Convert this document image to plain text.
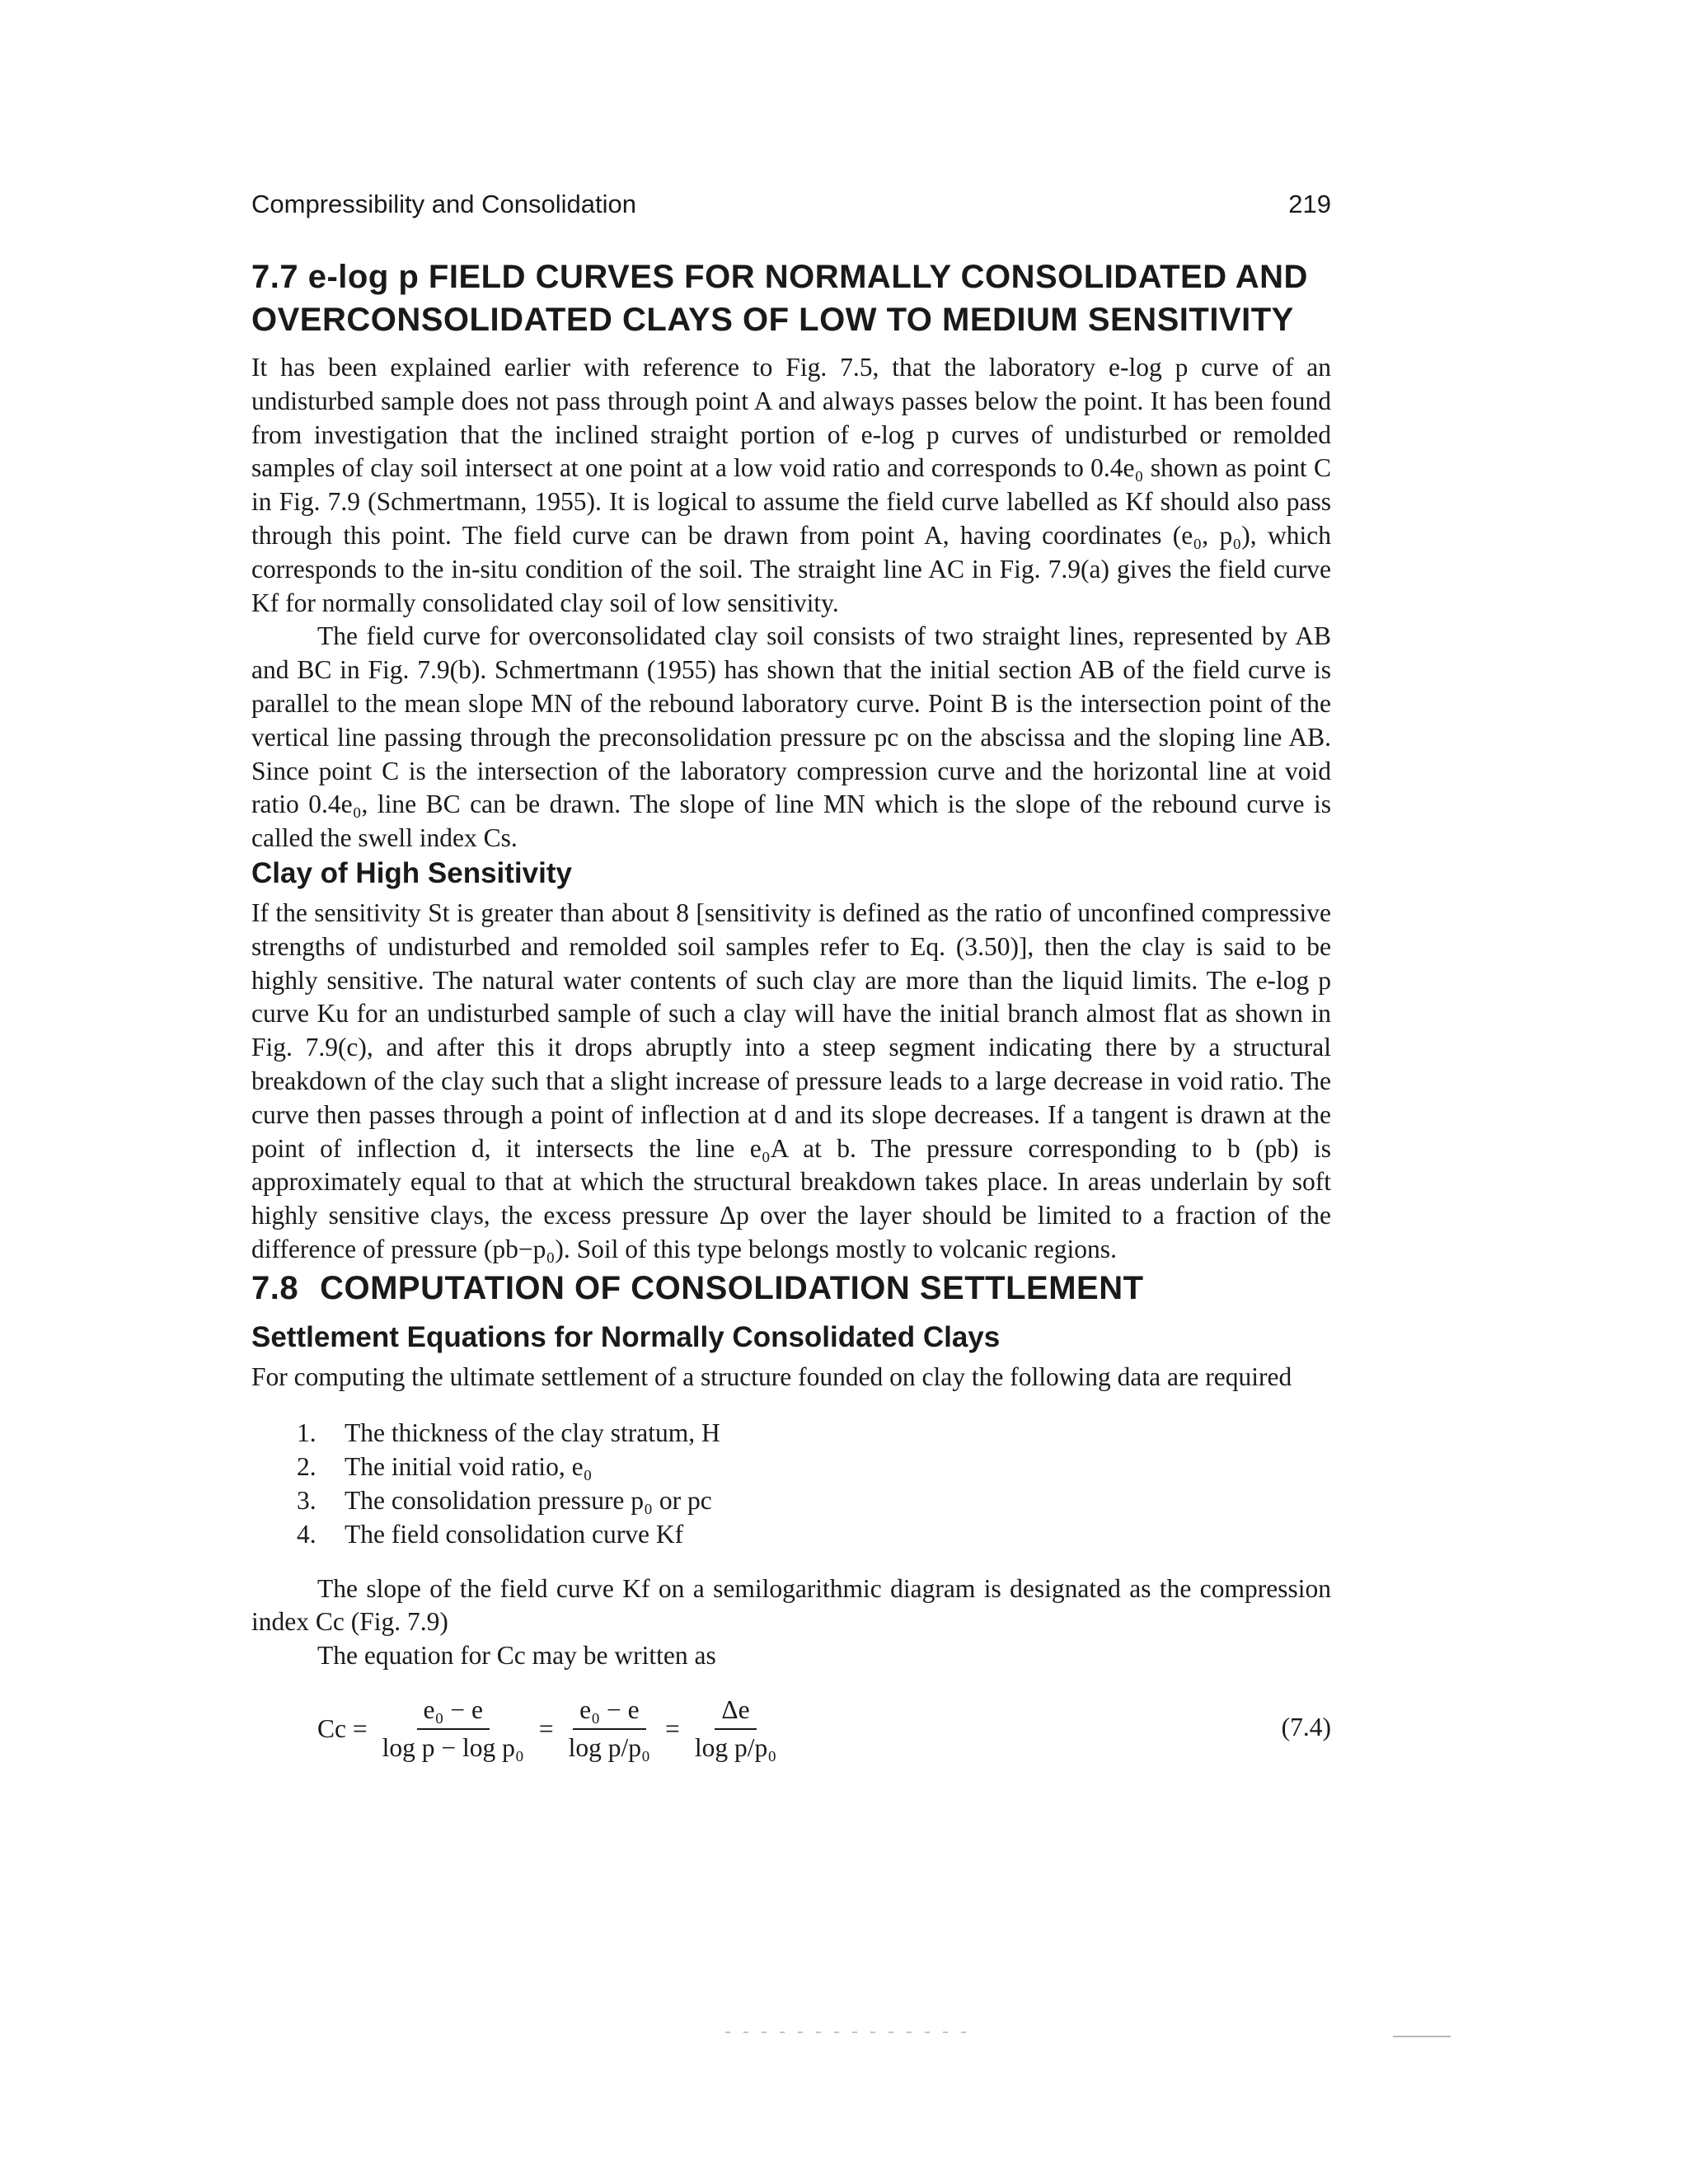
Compressibility and Consolidation	219
7.7 e-log p FIELD CURVES FOR NORMALLY CONSOLIDATED AND
OVERCONSOLIDATED CLAYS OF LOW TO MEDIUM SENSITIVITY

It has been explained earlier with reference to Fig. 7.5, that the laboratory e-log p curve of an undisturbed sample does not pass through point A and always passes below the point. It has been found from investigation that the inclined straight portion of e-log p curves of undisturbed or remolded samples of clay soil intersect at one point at a low void ratio and corresponds to 0.4e₀ shown as point C in Fig. 7.9 (Schmertmann, 1955). It is logical to assume the field curve labelled as Kf should also pass through this point. The field curve can be drawn from point A, having coordinates (e₀, p₀), which corresponds to the in-situ condition of the soil. The straight line AC in Fig. 7.9(a) gives the field curve Kf for normally consolidated clay soil of low sensitivity.

The field curve for overconsolidated clay soil consists of two straight lines, represented by AB and BC in Fig. 7.9(b). Schmertmann (1955) has shown that the initial section AB of the field curve is parallel to the mean slope MN of the rebound laboratory curve. Point B is the intersection point of the vertical line passing through the preconsolidation pressure pc on the abscissa and the sloping line AB. Since point C is the intersection of the laboratory compression curve and the horizontal line at void ratio 0.4e₀, line BC can be drawn. The slope of line MN which is the slope of the rebound curve is called the swell index Cs.

Clay of High Sensitivity

If the sensitivity St is greater than about 8 [sensitivity is defined as the ratio of unconfined compressive strengths of undisturbed and remolded soil samples refer to Eq. (3.50)], then the clay is said to be highly sensitive. The natural water contents of such clay are more than the liquid limits. The e-log p curve Ku for an undisturbed sample of such a clay will have the initial branch almost flat as shown in Fig. 7.9(c), and after this it drops abruptly into a steep segment indicating there by a structural breakdown of the clay such that a slight increase of pressure leads to a large decrease in void ratio. The curve then passes through a point of inflection at d and its slope decreases. If a tangent is drawn at the point of inflection d, it intersects the line e₀A at b. The pressure corresponding to b (pb) is approximately equal to that at which the structural breakdown takes place. In areas underlain by soft highly sensitive clays, the excess pressure Δp over the layer should be limited to a fraction of the difference of pressure (pb−p₀). Soil of this type belongs mostly to volcanic regions.

7.8 COMPUTATION OF CONSOLIDATION SETTLEMENT
Settlement Equations for Normally Consolidated Clays

For computing the ultimate settlement of a structure founded on clay the following data are required

1.	The thickness of the clay stratum, H
2.	The initial void ratio, e₀
3.	The consolidation pressure p₀ or pc
4.	The field consolidation curve Kf

The slope of the field curve Kf on a semilogarithmic diagram is designated as the compression index Cc (Fig. 7.9)

The equation for Cc may be written as

$Cc = \frac{\text{e₀ − e}}{\text{log p − log p₀}} = \frac{\text{e₀ − e}}{\text{log p/p₀}} = \frac{\Delta e}{\text{log p/p₀}}$	(7.4)
